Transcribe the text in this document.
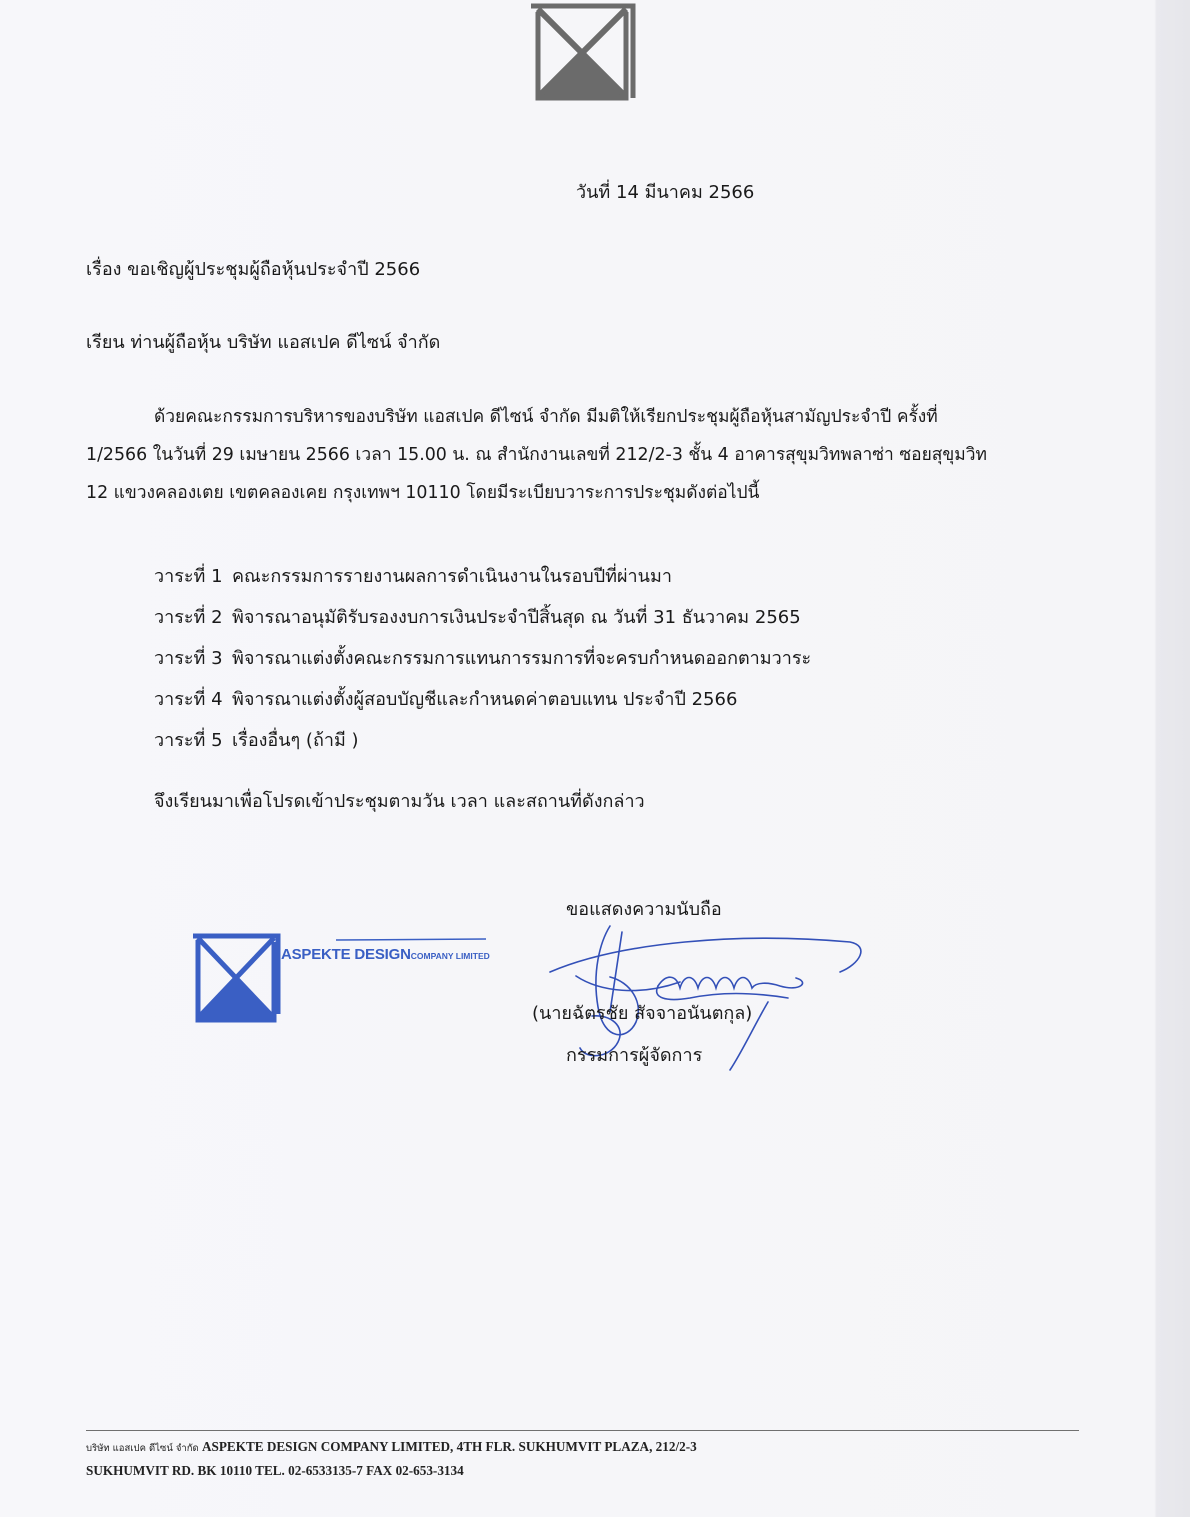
วันที่ 14 มีนาคม 2566
เรื่อง ขอเชิญผู้ประชุมผู้ถือหุ้นประจำปี 2566
เรียน ท่านผู้ถือหุ้น บริษัท แอสเปค ดีไซน์ จำกัด
ด้วยคณะกรรมการบริหารของบริษัท แอสเปค ดีไซน์ จำกัด มีมติให้เรียกประชุมผู้ถือหุ้นสามัญประจำปี ครั้งที่
1/2566 ในวันที่ 29 เมษายน 2566 เวลา 15.00 น. ณ สำนักงานเลขที่ 212/2-3 ชั้น 4 อาคารสุขุมวิทพลาซ่า ซอยสุขุมวิท
12 แขวงคลองเตย เขตคลองเคย กรุงเทพฯ 10110 โดยมีระเบียบวาระการประชุมดังต่อไปนี้
วาระที่ 1 คณะกรรมการรายงานผลการดำเนินงานในรอบปีที่ผ่านมา
วาระที่ 2 พิจารณาอนุมัติรับรองงบการเงินประจำปีสิ้นสุด ณ วันที่ 31 ธันวาคม 2565
วาระที่ 3 พิจารณาแต่งตั้งคณะกรรมการแทนการรมการที่จะครบกำหนดออกตามวาระ
วาระที่ 4 พิจารณาแต่งตั้งผู้สอบบัญชีและกำหนดค่าตอบแทน ประจำปี 2566
วาระที่ 5 เรื่องอื่นๆ (ถ้ามี )
จึงเรียนมาเพื่อโปรดเข้าประชุมตามวัน เวลา และสถานที่ดังกล่าว
ขอแสดงความนับถือ
ASPEKTE DESIGNCOMPANY LIMITED
(นายฉัตรชัย สัจจาอนันตกุล)
กรรมการผู้จัดการ
บริษัท แอสเปค ดีไซน์ จำกัด ASPEKTE DESIGN COMPANY LIMITED, 4TH FLR. SUKHUMVIT PLAZA, 212/2-3
SUKHUMVIT RD. BK 10110 TEL. 02-6533135-7 FAX 02-653-3134
